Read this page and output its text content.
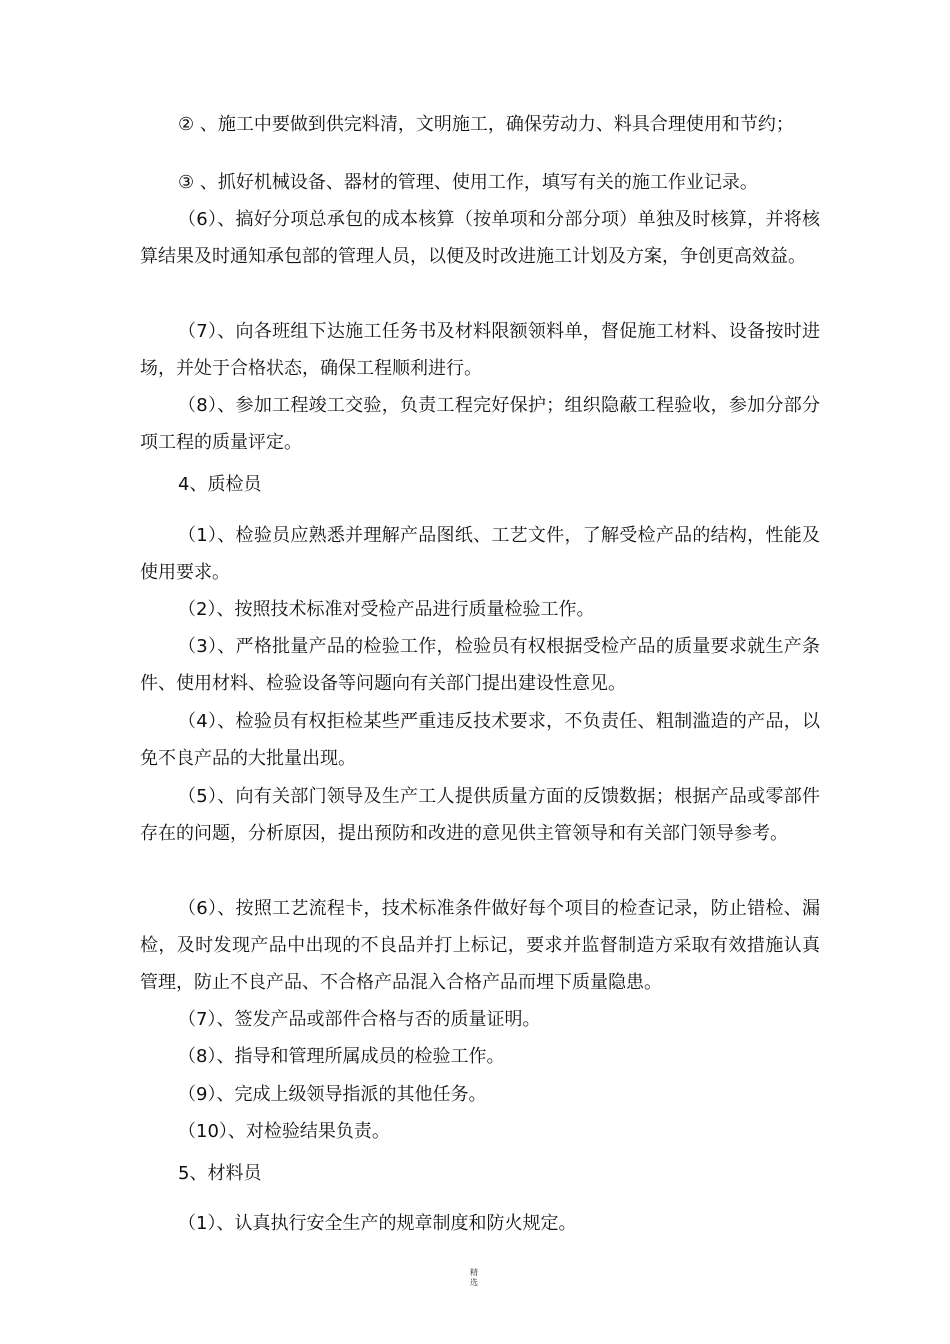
② 、施工中要做到供完料清，文明施工，确保劳动力、料具合理使用和节约；

③ 、抓好机械设备、器材的管理、使用工作，填写有关的施工作业记录。

（6）、搞好分项总承包的成本核算（按单项和分部分项）单独及时核算，并将核算结果及时通知承包部的管理人员，以便及时改进施工计划及方案，争创更高效益。

（7）、向各班组下达施工任务书及材料限额领料单，督促施工材料、设备按时进场，并处于合格状态，确保工程顺利进行。

（8）、参加工程竣工交验，负责工程完好保护；组织隐蔽工程验收，参加分部分项工程的质量评定。

4、质检员

（1）、检验员应熟悉并理解产品图纸、工艺文件，了解受检产品的结构，性能及使用要求。

（2）、按照技术标准对受检产品进行质量检验工作。

（3）、严格批量产品的检验工作，检验员有权根据受检产品的质量要求就生产条件、使用材料、检验设备等问题向有关部门提出建设性意见。

（4）、检验员有权拒检某些严重违反技术要求，不负责任、粗制滥造的产品，以免不良产品的大批量出现。

（5）、向有关部门领导及生产工人提供质量方面的反馈数据；根据产品或零部件存在的问题，分析原因，提出预防和改进的意见供主管领导和有关部门领导参考。

（6）、按照工艺流程卡，技术标准条件做好每个项目的检查记录，防止错检、漏检，及时发现产品中出现的不良品并打上标记，要求并监督制造方采取有效措施认真管理，防止不良产品、不合格产品混入合格产品而埋下质量隐患。

（7）、签发产品或部件合格与否的质量证明。

（8）、指导和管理所属成员的检验工作。

（9）、完成上级领导指派的其他任务。

（10）、对检验结果负责。

5、材料员

（1）、认真执行安全生产的规章制度和防火规定。

精
选
